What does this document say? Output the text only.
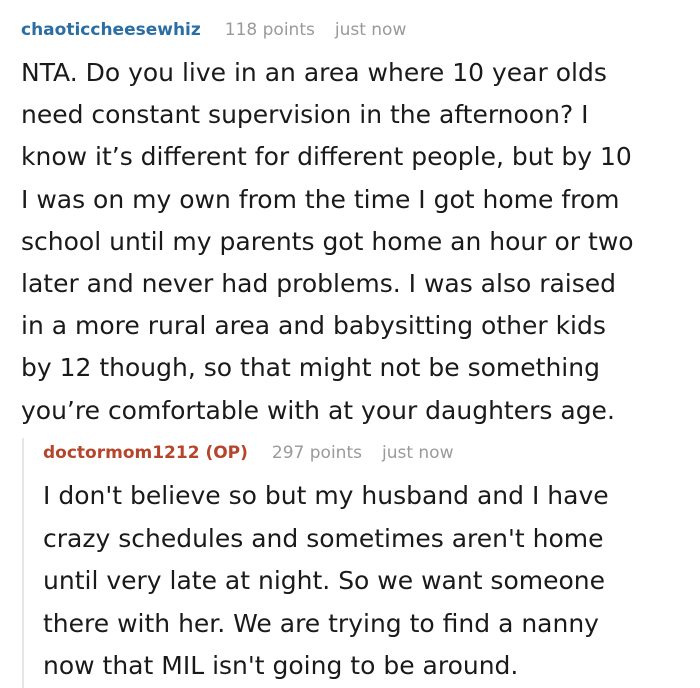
chaoticcheesewhiz 118 points just now
NTA. Do you live in an area where 10 year olds
need constant supervision in the afternoon? I
know it’s different for different people, but by 10
I was on my own from the time I got home from
school until my parents got home an hour or two
later and never had problems. I was also raised
in a more rural area and babysitting other kids
by 12 though, so that might not be something
you’re comfortable with at your daughters age.
doctormom1212 (OP) 297 points just now
I don't believe so but my husband and I have
crazy schedules and sometimes aren't home
until very late at night. So we want someone
there with her. We are trying to find a nanny
now that MIL isn't going to be around.
